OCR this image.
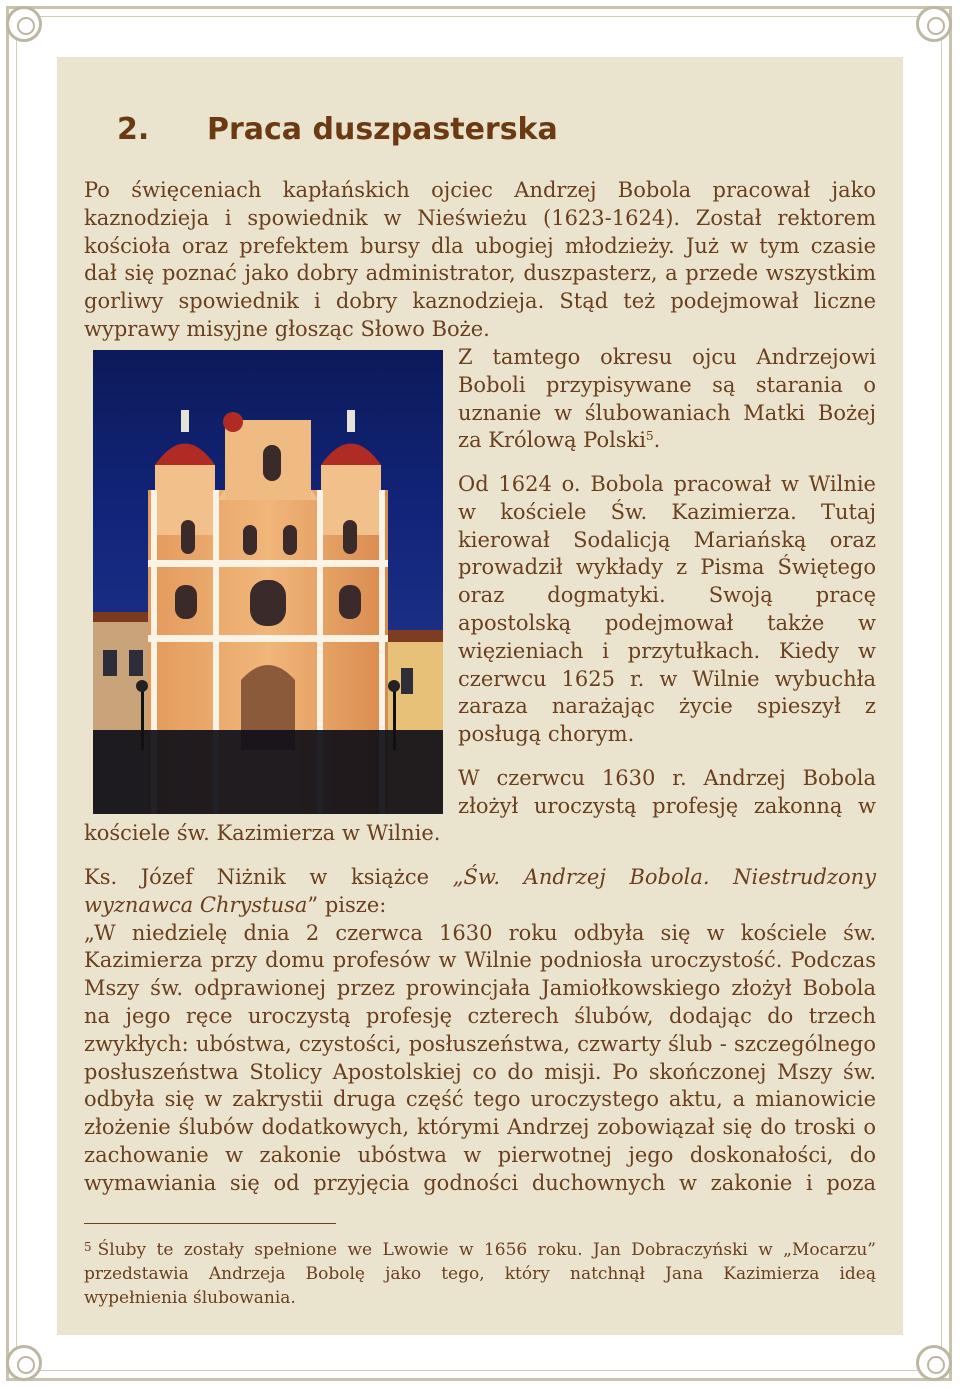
2. Praca duszpasterska
Po święceniach kapłańskich ojciec Andrzej Bobola pracował jako
kaznodzieja i spowiednik w Nieświeżu (1623-1624). Został rektorem
kościoła oraz prefektem bursy dla ubogiej młodzieży. Już w tym czasie
dał się poznać jako dobry administrator, duszpasterz, a przede wszystkim
gorliwy spowiednik i dobry kaznodzieja. Stąd też podejmował liczne
wyprawy misyjne głosząc Słowo Boże.
Z tamtego okresu ojcu Andrzejowi
Boboli przypisywane są starania o
uznanie w ślubowaniach Matki Bożej
za Królową Polski$^5$.
Od 1624 o. Bobola pracował w Wilnie
w kościele Św. Kazimierza. Tutaj
kierował Sodalicją Mariańską oraz
prowadził wykłady z Pisma Świętego
oraz dogmatyki. Swoją pracę
apostolską podejmował także w
więzieniach i przytułkach. Kiedy w
czerwcu 1625 r. w Wilnie wybuchła
zaraza narażając życie spieszył z
posługą chorym.
W czerwcu 1630 r. Andrzej Bobola
złożył uroczystą profesję zakonną w
kościele św. Kazimierza w Wilnie.
Ks. Józef Niżnik w książce „Św. Andrzej Bobola. Niestrudzony
wyznawca Chrystusa” pisze:
„W niedzielę dnia 2 czerwca 1630 roku odbyła się w kościele św.
Kazimierza przy domu profesów w Wilnie podniosła uroczystość. Podczas
Mszy św. odprawionej przez prowincjała Jamiołkowskiego złożył Bobola
na jego ręce uroczystą profesję czterech ślubów, dodając do trzech
zwykłych: ubóstwa, czystości, posłuszeństwa, czwarty ślub - szczególnego
posłuszeństwa Stolicy Apostolskiej co do misji. Po skończonej Mszy św.
odbyła się w zakrystii druga część tego uroczystego aktu, a mianowicie
złożenie ślubów dodatkowych, którymi Andrzej zobowiązał się do troski o
zachowanie w zakonie ubóstwa w pierwotnej jego doskonałości, do
wymawiania się od przyjęcia godności duchownych w zakonie i poza
$^5$ Śluby te zostały spełnione we Lwowie w 1656 roku. Jan Dobraczyński w „Mocarzu”
przedstawia Andrzeja Bobolę jako tego, który natchnął Jana Kazimierza ideą
wypełnienia ślubowania.
